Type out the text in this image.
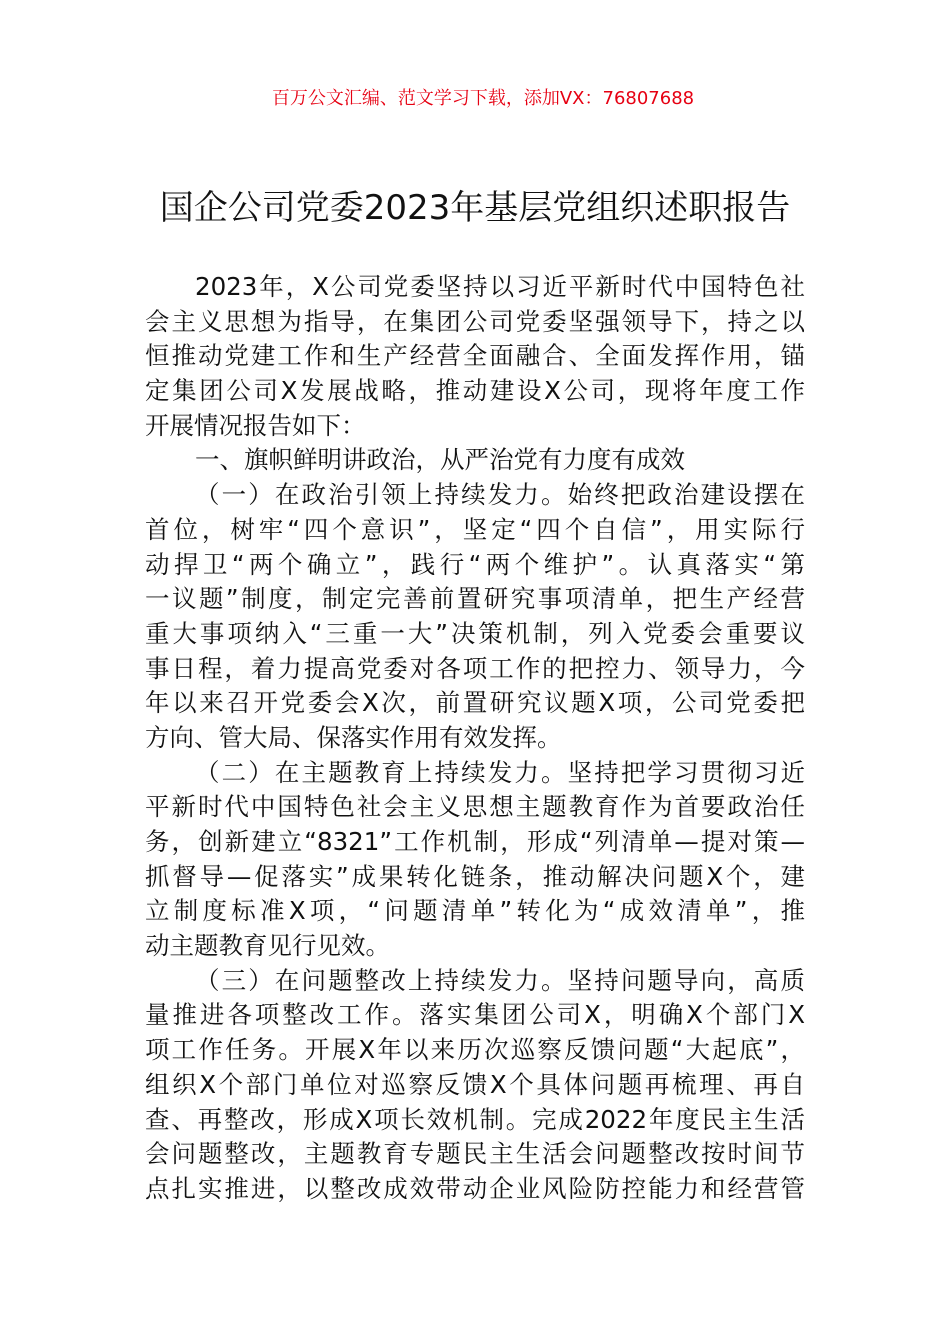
百万公文汇编、范文学习下载，添加VX：76807688
国企公司党委2023年基层党组织述职报告
2023年，X公司党委坚持以习近平新时代中国特色社
会主义思想为指导，在集团公司党委坚强领导下，持之以
恒推动党建工作和生产经营全面融合、全面发挥作用，锚
定集团公司X发展战略，推动建设X公司，现将年度工作
开展情况报告如下：
一、旗帜鲜明讲政治，从严治党有力度有成效
（一）在政治引领上持续发力。始终把政治建设摆在
首位，树牢“四个意识”，坚定“四个自信”，用实际行
动捍卫“两个确立”，践行“两个维护”。认真落实“第
一议题”制度，制定完善前置研究事项清单，把生产经营
重大事项纳入“三重一大”决策机制，列入党委会重要议
事日程，着力提高党委对各项工作的把控力、领导力，今
年以来召开党委会X次，前置研究议题X项，公司党委把
方向、管大局、保落实作用有效发挥。
（二）在主题教育上持续发力。坚持把学习贯彻习近
平新时代中国特色社会主义思想主题教育作为首要政治任
务，创新建立“8321”工作机制，形成“列清单—提对策—
抓督导—促落实”成果转化链条，推动解决问题X个，建
立制度标准X项，“问题清单”转化为“成效清单”，推
动主题教育见行见效。
（三）在问题整改上持续发力。坚持问题导向，高质
量推进各项整改工作。落实集团公司X，明确X个部门X
项工作任务。开展X年以来历次巡察反馈问题“大起底”，
组织X个部门单位对巡察反馈X个具体问题再梳理、再自
查、再整改，形成X项长效机制。完成2022年度民主生活
会问题整改，主题教育专题民主生活会问题整改按时间节
点扎实推进，以整改成效带动企业风险防控能力和经营管
